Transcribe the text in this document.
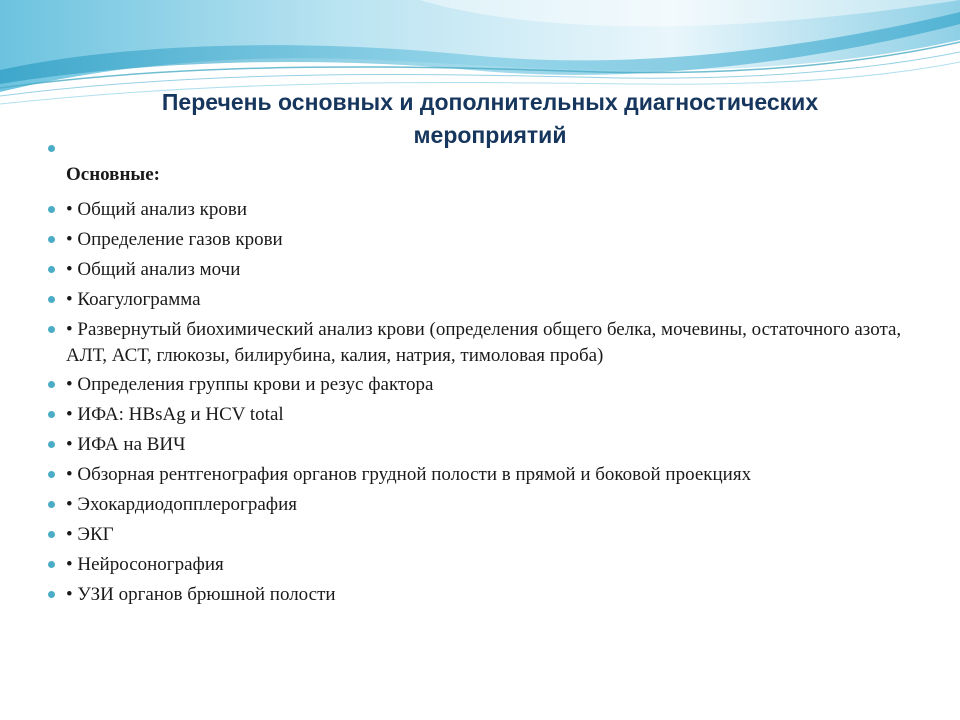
Перечень основных и дополнительных диагностических
мероприятий
Основные:
• Общий анализ крови
• Определение газов крови
• Общий анализ мочи
• Коагулограмма
• Развернутый биохимический анализ крови (определения общего белка, мочевины, остаточного азота, АЛТ, АСТ, глюкозы, билирубина, калия, натрия, тимоловая проба)
• Определения группы крови и резус фактора
• ИФА: HBsAg и HCV total
• ИФА на ВИЧ
• Обзорная рентгенография органов грудной полости в прямой и боковой проекциях
• Эхокардиодопплерография
• ЭКГ
• Нейросонография
• УЗИ органов брюшной полости
